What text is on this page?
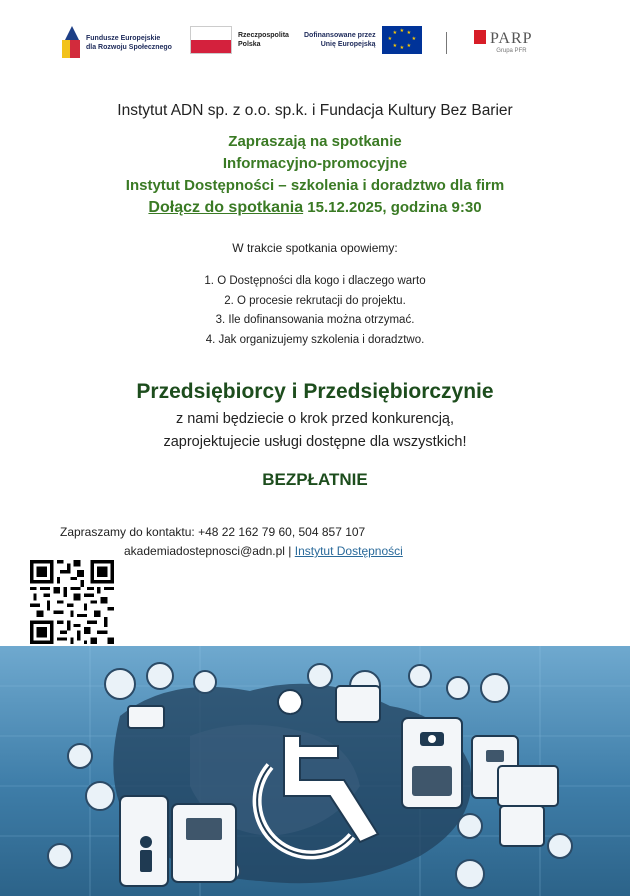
Fundusze Europejskie
dla Rozwoju Społecznego
Rzeczpospolita
Polska
Dofinansowane przez
Unię Europejską
★ ★
★
★
★
★
★
★	PARP
Grupa PFR
Instytut ADN sp. z o.o. sp.k. i Fundacja Kultury Bez Barier
Zapraszają na spotkanie
Informacyjno-promocyjne
Instytut Dostępności – szkolenia i doradztwo dla firm
Dołącz do spotkania 15.12.2025, godzina 9:30
W trakcie spotkania opowiemy:
1. O Dostępności dla kogo i dlaczego warto
2. O procesie rekrutacji do projektu.
3. Ile dofinansowania można otrzymać.
4. Jak organizujemy szkolenia i doradztwo.
Przedsiębiorcy i Przedsiębiorczynie
z nami będziecie o krok przed konkurencją,
zaprojektujecie usługi dostępne dla wszystkich!
BEZPŁATNIE
Zapraszamy do kontaktu: +48 22 162 79 60, 504 857 107
akademiadostepnosci@adn.pl | Instytut Dostępności
